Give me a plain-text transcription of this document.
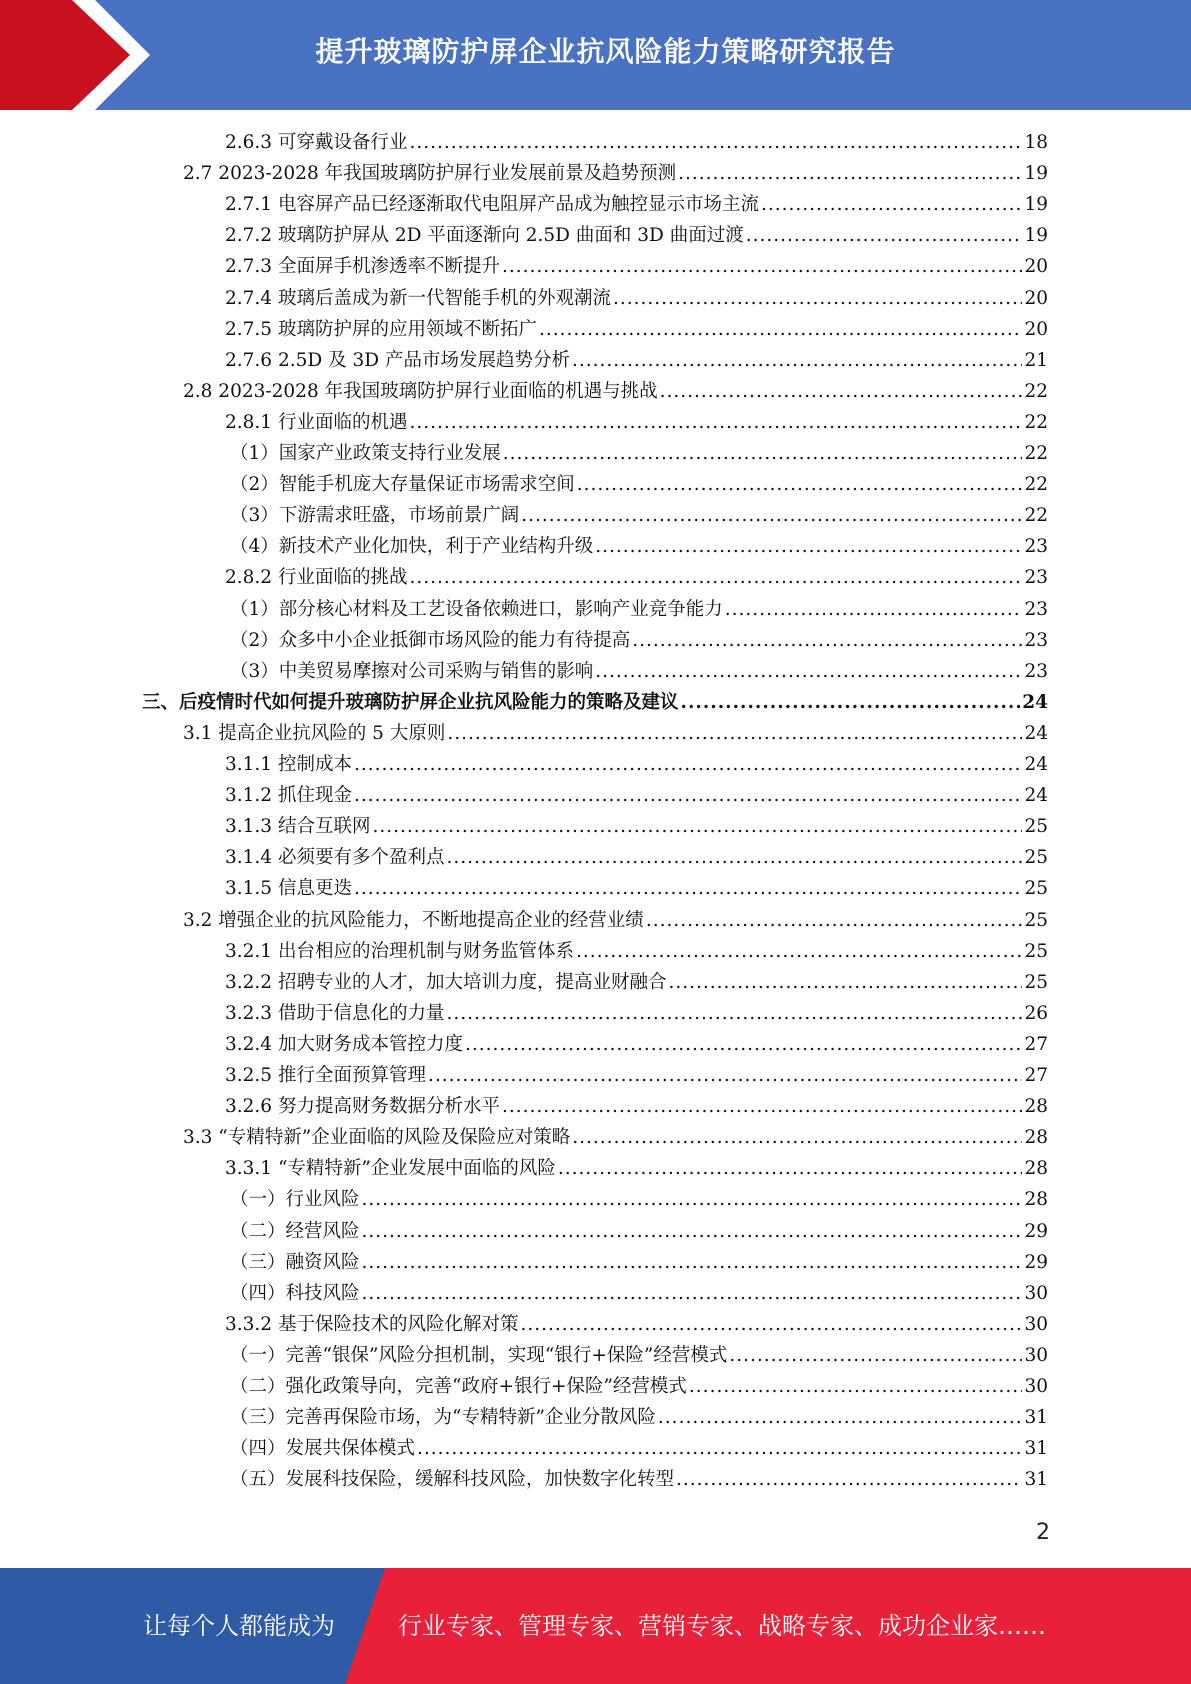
提升玻璃防护屏企业抗风险能力策略研究报告
2.6.3 可穿戴设备行业 .....	18
2.7 2023-2028 年我国玻璃防护屏行业发展前景及趋势预测 .....	19
2.7.1 电容屏产品已经逐渐取代电阻屏产品成为触控显示市场主流 .....	19
2.7.2 玻璃防护屏从 2D 平面逐渐向 2.5D 曲面和 3D 曲面过渡 .....	19
2.7.3 全面屏手机渗透率不断提升 .....	20
2.7.4 玻璃后盖成为新一代智能手机的外观潮流 .....	20
2.7.5 玻璃防护屏的应用领域不断拓广 .....	20
2.7.6 2.5D 及 3D 产品市场发展趋势分析 .....	21
2.8 2023-2028 年我国玻璃防护屏行业面临的机遇与挑战 .....	22
2.8.1 行业面临的机遇 .....	22
（1）国家产业政策支持行业发展 .....	22
（2）智能手机庞大存量保证市场需求空间 .....	22
（3）下游需求旺盛，市场前景广阔 .....	22
（4）新技术产业化加快，利于产业结构升级 .....	23
2.8.2 行业面临的挑战 .....	23
（1）部分核心材料及工艺设备依赖进口，影响产业竞争能力 .....	23
（2）众多中小企业抵御市场风险的能力有待提高 .....	23
（3）中美贸易摩擦对公司采购与销售的影响 .....	23
三、后疫情时代如何提升玻璃防护屏企业抗风险能力的策略及建议 .....	24
3.1 提高企业抗风险的 5 大原则 .....	24
3.1.1 控制成本 .....	24
3.1.2 抓住现金 .....	24
3.1.3 结合互联网 .....	25
3.1.4 必须要有多个盈利点 .....	25
3.1.5 信息更迭 .....	25
3.2 增强企业的抗风险能力，不断地提高企业的经营业绩 .....	25
3.2.1 出台相应的治理机制与财务监管体系 .....	25
3.2.2 招聘专业的人才，加大培训力度，提高业财融合 .....	25
3.2.3 借助于信息化的力量 .....	26
3.2.4 加大财务成本管控力度 .....	27
3.2.5 推行全面预算管理 .....	27
3.2.6 努力提高财务数据分析水平 .....	28
3.3 “专精特新”企业面临的风险及保险应对策略 .....	28
3.3.1 “专精特新”企业发展中面临的风险 .....	28
（一）行业风险 .....	28
（二）经营风险 .....	29
（三）融资风险 .....	29
（四）科技风险 .....	30
3.3.2 基于保险技术的风险化解对策 .....	30
（一）完善“银保”风险分担机制，实现“银行+保险”经营模式 .....	30
（二）强化政策导向，完善“政府+银行+保险”经营模式 .....	30
（三）完善再保险市场，为“专精特新”企业分散风险 .....	31
（四）发展共保体模式 .....	31
（五）发展科技保险，缓解科技风险，加快数字化转型 .....	31
2
让每个人都能成为	行业专家、管理专家、营销专家、战略专家、成功企业家……
